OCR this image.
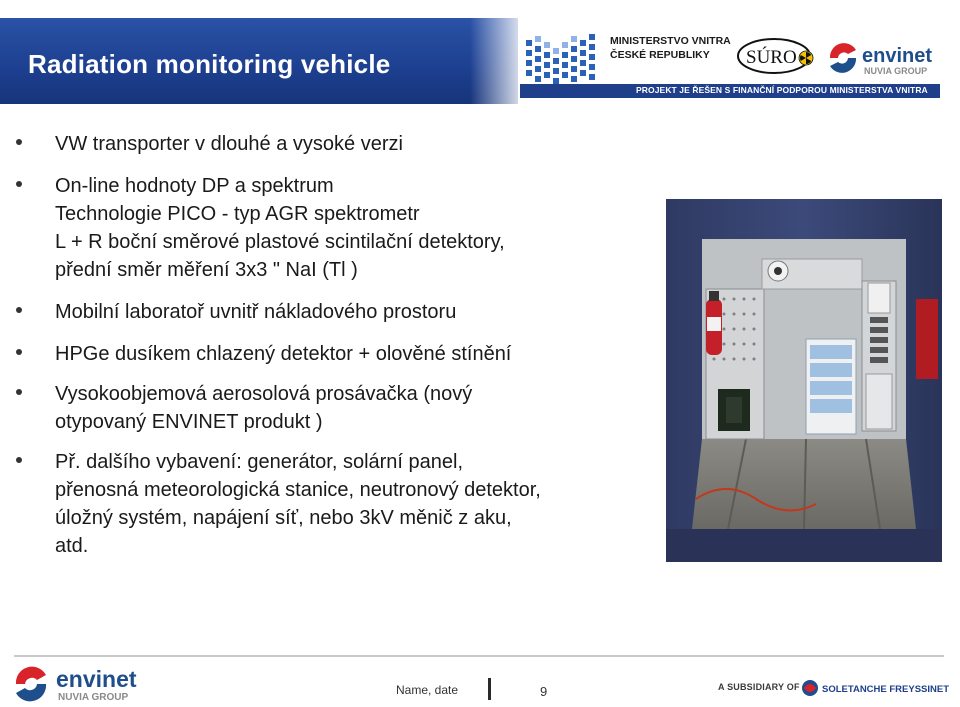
Radiation monitoring vehicle
MINISTERSTVO VNITRA
ČESKÉ REPUBLIKY	SÚRO	envinet
NUVIA GROUP
PROJEKT JE ŘEŠEN S FINANČNÍ PODPOROU MINISTERSTVA VNITRA
VW transporter v dlouhé a vysoké verzi
On-line hodnoty DP a spektrum
Technologie PICO - typ AGR spektrometr
L + R boční směrové plastové scintilační detektory,
přední směr měření 3x3 " NaI (Tl )
Mobilní laboratoř uvnitř nákladového prostoru
HPGe dusíkem chlazený detektor + olověné stínění
Vysokoobjemová aerosolová prosávačka (nový
otypovaný ENVINET produkt )
Př. dalšího vybavení: generátor, solární panel,
přenosná meteorologická stanice, neutronový detektor,
úložný systém, napájení síť, nebo 3kV měnič z aku,
atd.
envinet
NUVIA GROUP
Name, date	9	A SUBSIDIARY OF SOLETANCHE FREYSSINET
